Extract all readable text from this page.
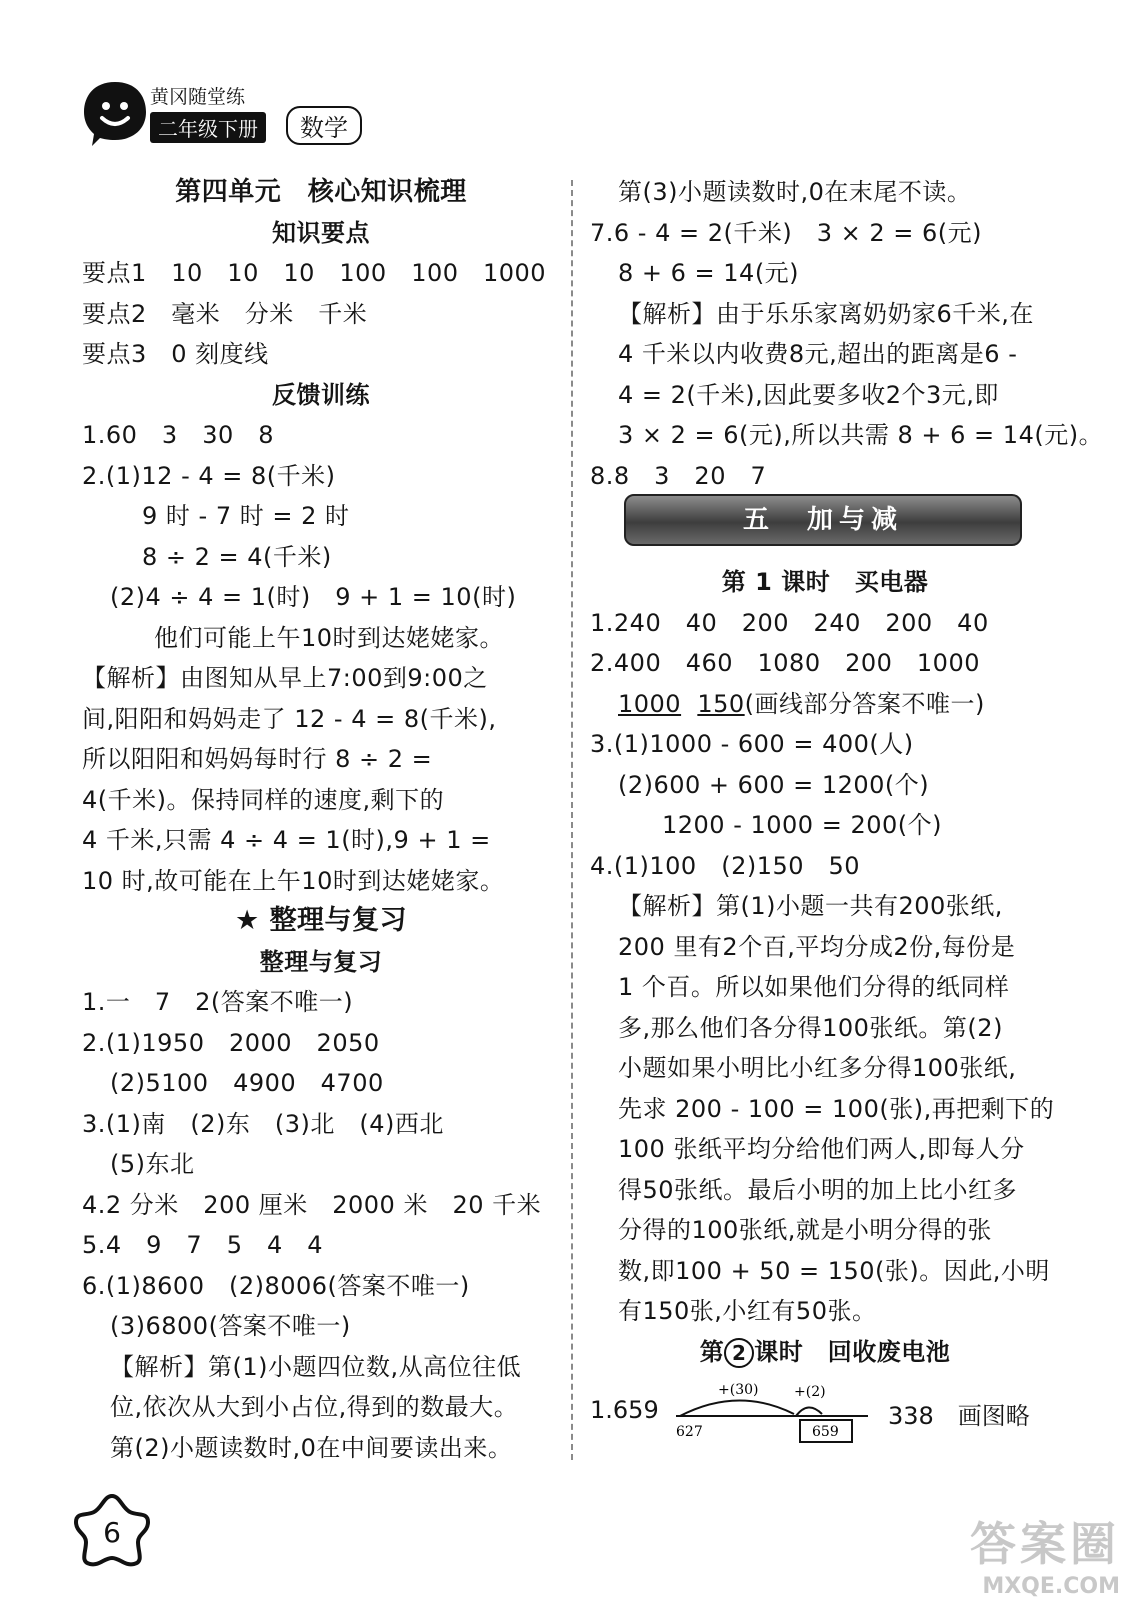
黄冈随堂练
二年级下册	数学
第四单元　核心知识梳理
知识要点
要点1　10　10　10　100　100　1000
要点2　毫米　分米　千米
要点3　0 刻度线
反馈训练
1.60　3　30　8
2.(1)12 - 4 = 8(千米)
9 时 - 7 时 = 2 时
8 ÷ 2 = 4(千米)
(2)4 ÷ 4 = 1(时)　9 + 1 = 10(时)
他们可能上午10时到达姥姥家。
【解析】由图知从早上7:00到9:00之
间,阳阳和妈妈走了 12 - 4 = 8(千米),
所以阳阳和妈妈每时行 8 ÷ 2 =
4(千米)。保持同样的速度,剩下的
4 千米,只需 4 ÷ 4 = 1(时),9 + 1 =
10 时,故可能在上午10时到达姥姥家。
★ 整理与复习
整理与复习
1.一　7　2(答案不唯一)
2.(1)1950　2000　2050
(2)5100　4900　4700
3.(1)南　(2)东　(3)北　(4)西北
(5)东北
4.2 分米　200 厘米　2000 米　20 千米
5.4　9　7　5　4　4
6.(1)8600　(2)8006(答案不唯一)
(3)6800(答案不唯一)
【解析】第(1)小题四位数,从高位往低
位,依次从大到小占位,得到的数最大。
第(2)小题读数时,0在中间要读出来。
第(3)小题读数时,0在末尾不读。
7.6 - 4 = 2(千米)　3 × 2 = 6(元)
8 + 6 = 14(元)
【解析】由于乐乐家离奶奶家6千米,在
4 千米以内收费8元,超出的距离是6 -
4 = 2(千米),因此要多收2个3元,即
3 × 2 = 6(元),所以共需 8 + 6 = 14(元)。
8.8　3　20　7
五　加与减
第 1 课时　买电器
1.240　40　200　240　200　40
2.400　460　1080　200　1000
1000 150(画线部分答案不唯一)
3.(1)1000 - 600 = 400(人)
(2)600 + 600 = 1200(个)
1200 - 1000 = 200(个)
4.(1)100　(2)150　50
【解析】第(1)小题一共有200张纸,
200 里有2个百,平均分成2份,每份是
1 个百。所以如果他们分得的纸同样
多,那么他们各分得100张纸。第(2)
小题如果小明比小红多分得100张纸,
先求 200 - 100 = 100(张),再把剩下的
100 张纸平均分给他们两人,即每人分
得50张纸。最后小明的加上比小红多
分得的100张纸,就是小明分得的张
数,即100 + 50 = 150(张)。因此,小明
有150张,小红有50张。
第 2 课时　回收废电池
1.659
+(30)	+(2)
627	659
338　画图略
6	答案圈
MXQE.COM
